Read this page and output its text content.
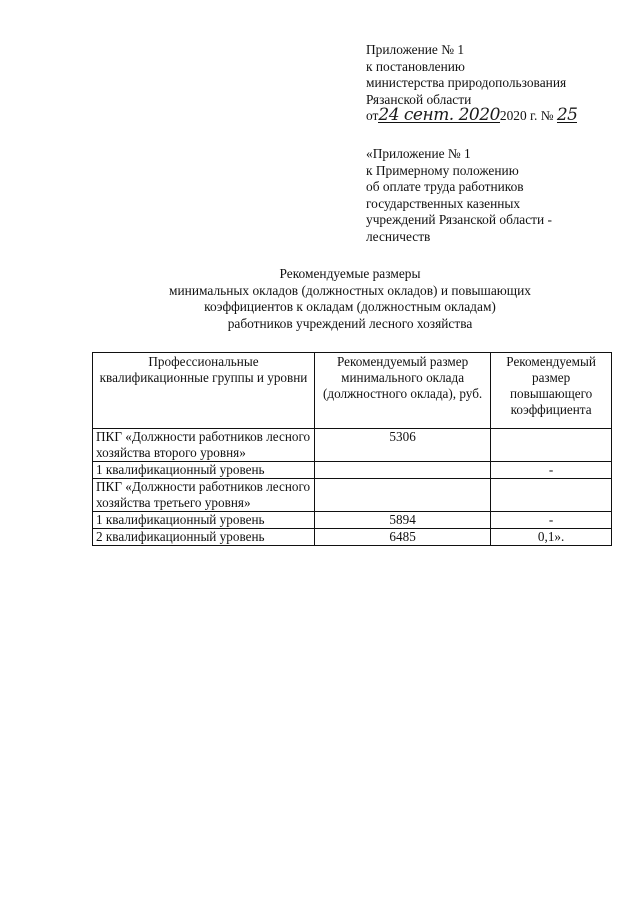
Приложение № 1
к постановлению
министерства природопользования
Рязанской области
от24 сент. 20202020 г. № 25
«Приложение № 1
к Примерному положению
об оплате труда работников
государственных казенных
учреждений Рязанской области -
лесничеств
Рекомендуемые размеры
минимальных окладов (должностных окладов) и повышающих
коэффициентов к окладам (должностным окладам)
работников учреждений лесного хозяйства
Профессиональные квалификационные группы и уровни	Рекомендуемый размер минимального оклада (должностного оклада), руб.	Рекомендуемый размер повышающего коэффициента
ПКГ «Должности работников лесного хозяйства второго уровня»	5306	
1 квалификационный уровень		-
ПКГ «Должности работников лесного хозяйства третьего уровня»		
1 квалификационный уровень	5894	-
2 квалификационный уровень	6485	0,1».
